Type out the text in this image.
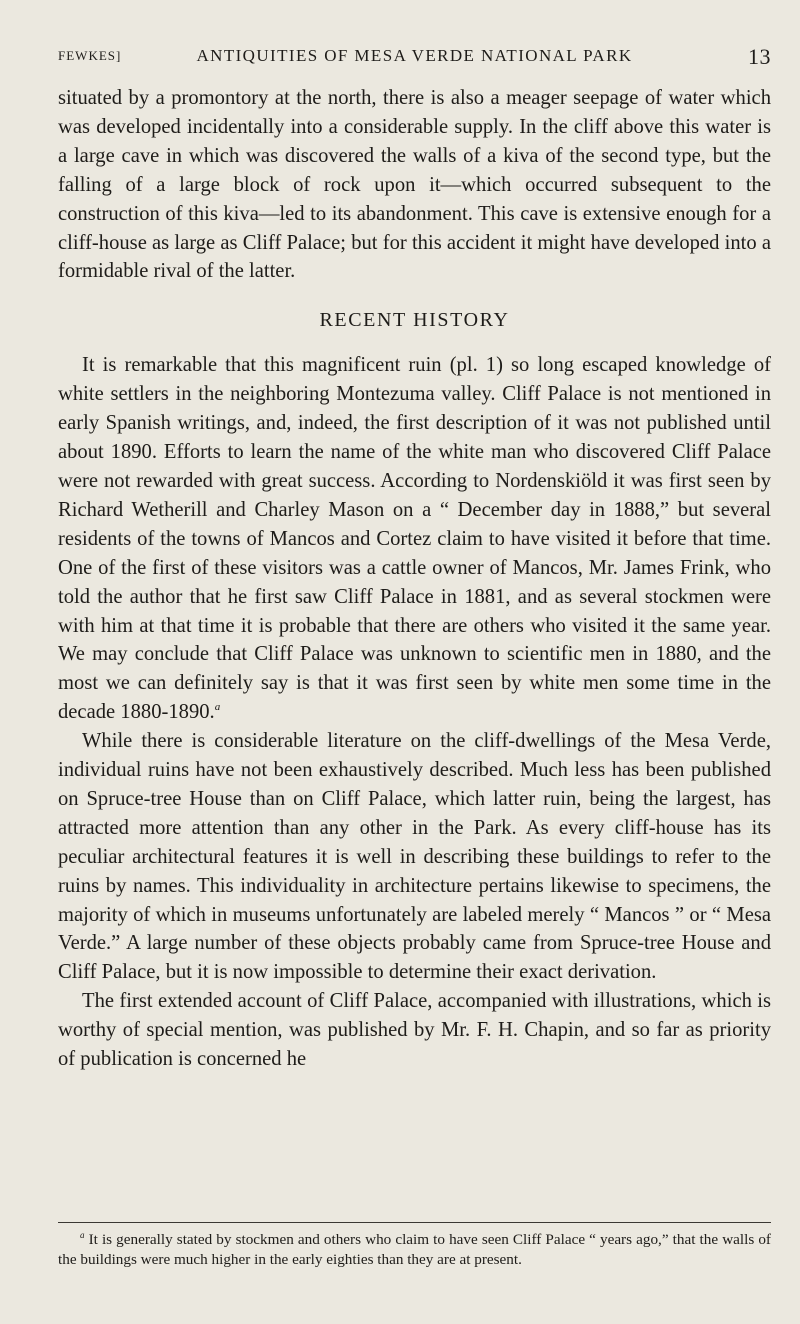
FEWKES]	ANTIQUITIES OF MESA VERDE NATIONAL PARK	13

situated by a promontory at the north, there is also a meager seepage of water which was developed incidentally into a considerable supply. In the cliff above this water is a large cave in which was discovered the walls of a kiva of the second type, but the falling of a large block of rock upon it—which occurred subsequent to the construction of this kiva—led to its abandonment. This cave is extensive enough for a cliff-house as large as Cliff Palace; but for this accident it might have developed into a formidable rival of the latter.

RECENT HISTORY

It is remarkable that this magnificent ruin (pl. 1) so long escaped knowledge of white settlers in the neighboring Montezuma valley. Cliff Palace is not mentioned in early Spanish writings, and, indeed, the first description of it was not published until about 1890. Efforts to learn the name of the white man who discovered Cliff Palace were not rewarded with great success. According to Nordenskiöld it was first seen by Richard Wetherill and Charley Mason on a “ December day in 1888,” but several residents of the towns of Mancos and Cortez claim to have visited it before that time. One of the first of these visitors was a cattle owner of Mancos, Mr. James Frink, who told the author that he first saw Cliff Palace in 1881, and as several stockmen were with him at that time it is probable that there are others who visited it the same year. We may conclude that Cliff Palace was unknown to scientific men in 1880, and the most we can definitely say is that it was first seen by white men some time in the decade 1880-1890.$^a$

While there is considerable literature on the cliff-dwellings of the Mesa Verde, individual ruins have not been exhaustively described. Much less has been published on Spruce-tree House than on Cliff Palace, which latter ruin, being the largest, has attracted more attention than any other in the Park. As every cliff-house has its peculiar architectural features it is well in describing these buildings to refer to the ruins by names. This individuality in architecture pertains likewise to specimens, the majority of which in museums unfortunately are labeled merely “ Mancos ” or “ Mesa Verde.” A large number of these objects probably came from Spruce-tree House and Cliff Palace, but it is now impossible to determine their exact derivation.

The first extended account of Cliff Palace, accompanied with illustrations, which is worthy of special mention, was published by Mr. F. H. Chapin, and so far as priority of publication is concerned he

$^a$ It is generally stated by stockmen and others who claim to have seen Cliff Palace “ years ago,” that the walls of the buildings were much higher in the early eighties than they are at present.
